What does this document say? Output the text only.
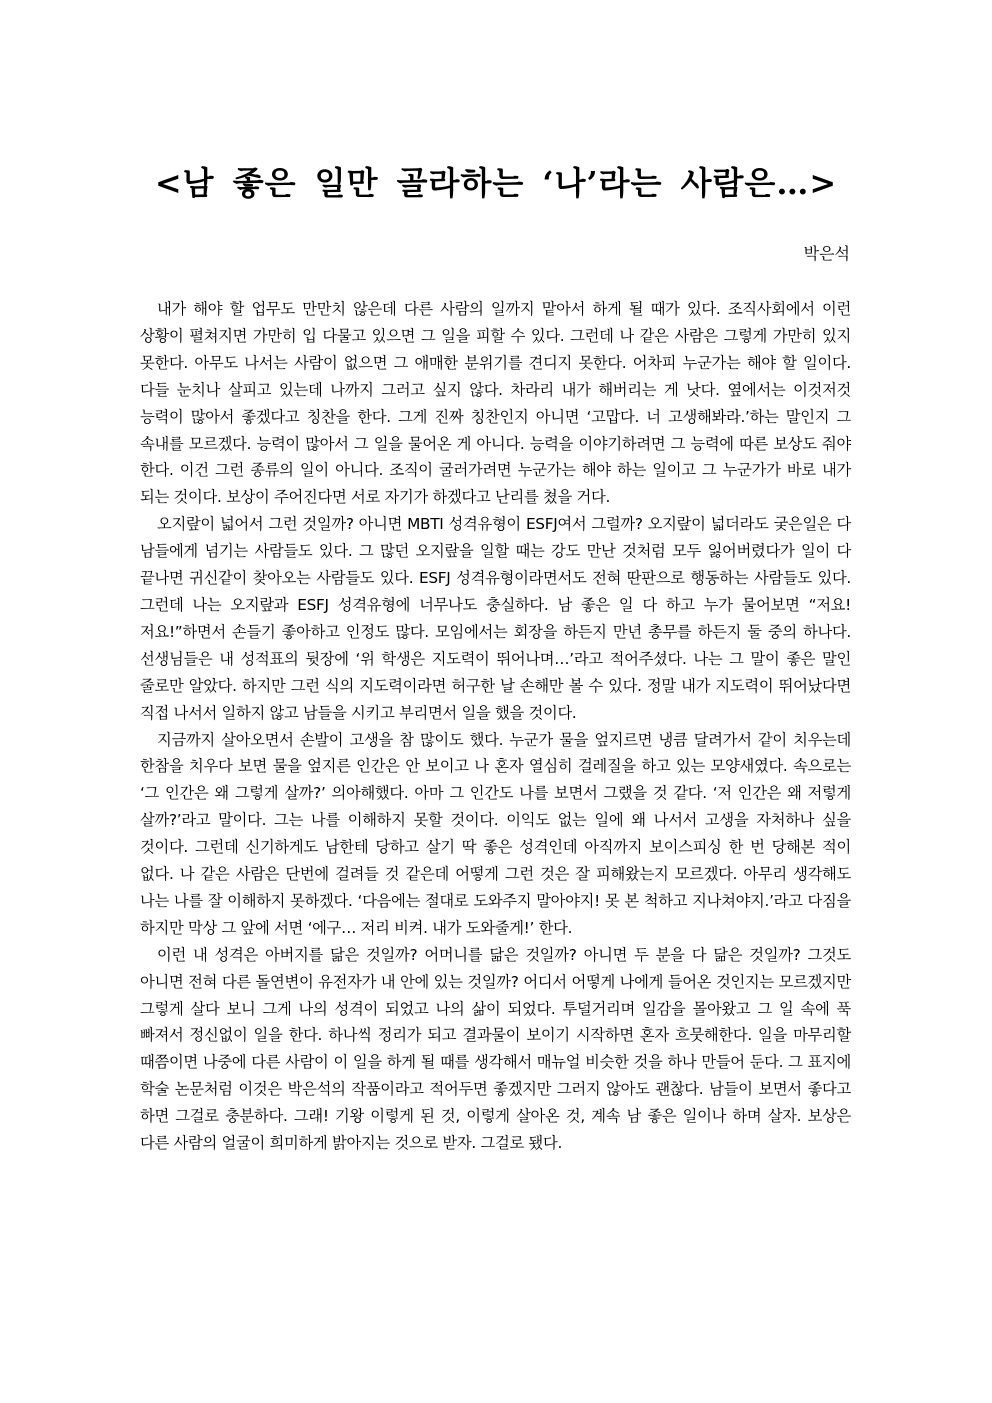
<남 좋은 일만 골라하는 ‘나’라는 사람은…>
박은석

내가 해야 할 업무도 만만치 않은데 다른 사람의 일까지 맡아서 하게 될 때가 있다. 조직사회에서 이런 상황이 펼쳐지면 가만히 입 다물고 있으면 그 일을 피할 수 있다. 그런데 나 같은 사람은 그렇게 가만히 있지 못한다. 아무도 나서는 사람이 없으면 그 애매한 분위기를 견디지 못한다. 어차피 누군가는 해야 할 일이다. 다들 눈치나 살피고 있는데 나까지 그러고 싶지 않다. 차라리 내가 해버리는 게 낫다. 옆에서는 이것저것 능력이 많아서 좋겠다고 칭찬을 한다. 그게 진짜 칭찬인지 아니면 ‘고맙다. 너 고생해봐라.’하는 말인지 그 속내를 모르겠다. 능력이 많아서 그 일을 물어온 게 아니다. 능력을 이야기하려면 그 능력에 따른 보상도 줘야 한다. 이건 그런 종류의 일이 아니다. 조직이 굴러가려면 누군가는 해야 하는 일이고 그 누군가가 바로 내가 되는 것이다. 보상이 주어진다면 서로 자기가 하겠다고 난리를 쳤을 거다.

오지랖이 넓어서 그런 것일까? 아니면 MBTI 성격유형이 ESFJ여서 그럴까? 오지랖이 넓더라도 궂은일은 다 남들에게 넘기는 사람들도 있다. 그 많던 오지랖을 일할 때는 강도 만난 것처럼 모두 잃어버렸다가 일이 다 끝나면 귀신같이 찾아오는 사람들도 있다. ESFJ 성격유형이라면서도 전혀 딴판으로 행동하는 사람들도 있다. 그런데 나는 오지랖과 ESFJ 성격유형에 너무나도 충실하다. 남 좋은 일 다 하고 누가 물어보면 “저요! 저요!”하면서 손들기 좋아하고 인정도 많다. 모임에서는 회장을 하든지 만년 총무를 하든지 둘 중의 하나다. 선생님들은 내 성적표의 뒷장에 ‘위 학생은 지도력이 뛰어나며…’라고 적어주셨다. 나는 그 말이 좋은 말인 줄로만 알았다. 하지만 그런 식의 지도력이라면 허구한 날 손해만 볼 수 있다. 정말 내가 지도력이 뛰어났다면 직접 나서서 일하지 않고 남들을 시키고 부리면서 일을 했을 것이다.

지금까지 살아오면서 손발이 고생을 참 많이도 했다. 누군가 물을 엎지르면 냉큼 달려가서 같이 치우는데 한참을 치우다 보면 물을 엎지른 인간은 안 보이고 나 혼자 열심히 걸레질을 하고 있는 모양새였다. 속으로는 ‘그 인간은 왜 그렇게 살까?’ 의아해했다. 아마 그 인간도 나를 보면서 그랬을 것 같다. ‘저 인간은 왜 저렇게 살까?’라고 말이다. 그는 나를 이해하지 못할 것이다. 이익도 없는 일에 왜 나서서 고생을 자처하나 싶을 것이다. 그런데 신기하게도 남한테 당하고 살기 딱 좋은 성격인데 아직까지 보이스피싱 한 번 당해본 적이 없다. 나 같은 사람은 단번에 걸려들 것 같은데 어떻게 그런 것은 잘 피해왔는지 모르겠다. 아무리 생각해도 나는 나를 잘 이해하지 못하겠다. ‘다음에는 절대로 도와주지 말아야지! 못 본 척하고 지나쳐야지.’라고 다짐을 하지만 막상 그 앞에 서면 ‘에구… 저리 비켜. 내가 도와줄게!’ 한다.

이런 내 성격은 아버지를 닮은 것일까? 어머니를 닮은 것일까? 아니면 두 분을 다 닮은 것일까? 그것도 아니면 전혀 다른 돌연변이 유전자가 내 안에 있는 것일까? 어디서 어떻게 나에게 들어온 것인지는 모르겠지만 그렇게 살다 보니 그게 나의 성격이 되었고 나의 삶이 되었다. 투덜거리며 일감을 몰아왔고 그 일 속에 푹 빠져서 정신없이 일을 한다. 하나씩 정리가 되고 결과물이 보이기 시작하면 혼자 흐뭇해한다. 일을 마무리할 때쯤이면 나중에 다른 사람이 이 일을 하게 될 때를 생각해서 매뉴얼 비슷한 것을 하나 만들어 둔다. 그 표지에 학술 논문처럼 이것은 박은석의 작품이라고 적어두면 좋겠지만 그러지 않아도 괜찮다. 남들이 보면서 좋다고 하면 그걸로 충분하다. 그래! 기왕 이렇게 된 것, 이렇게 살아온 것, 계속 남 좋은 일이나 하며 살자. 보상은 다른 사람의 얼굴이 희미하게 밝아지는 것으로 받자. 그걸로 됐다.
